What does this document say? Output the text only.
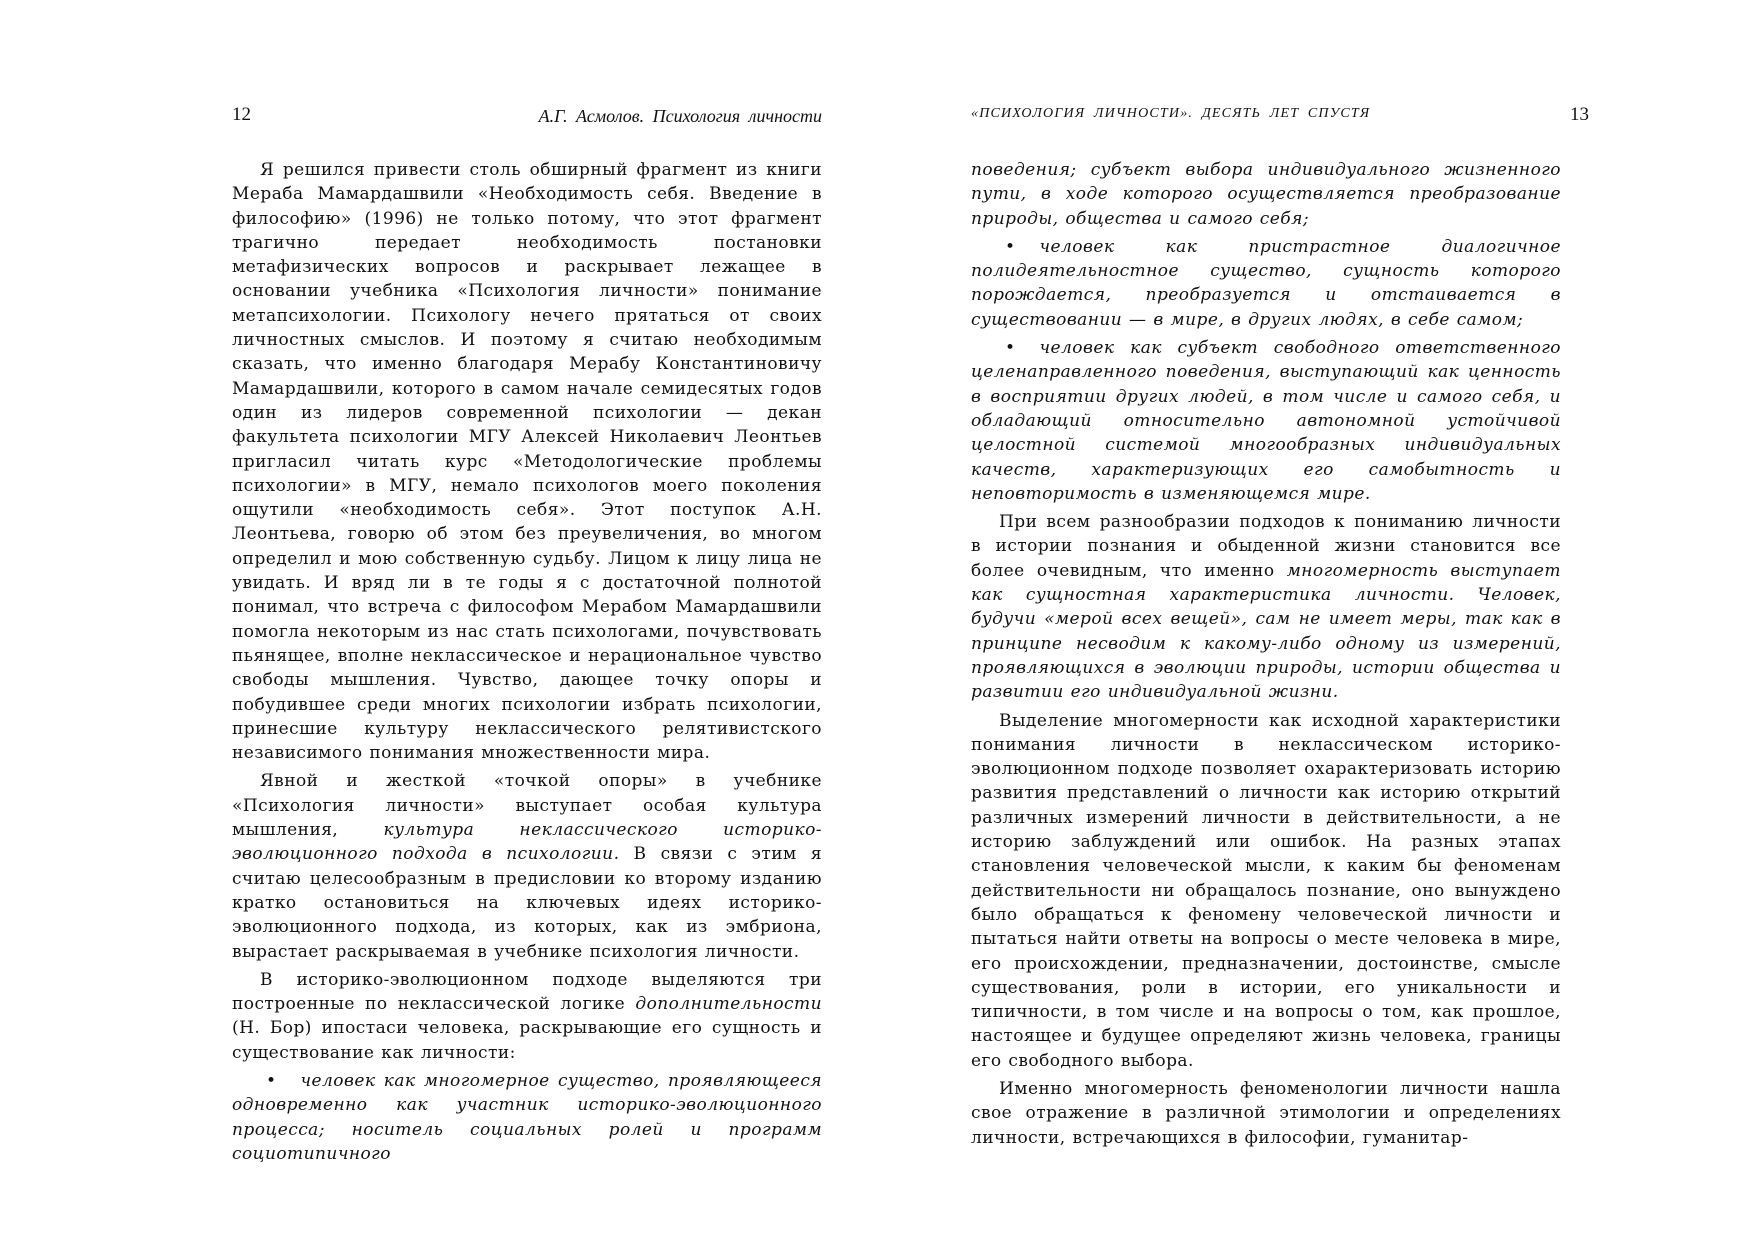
12	А.Г. Асмолов. Психология личности

Я решился привести столь обширный фрагмент из книги Мераба Мамардашвили «Необходимость себя. Введение в философию» (1996) не только потому, что этот фрагмент трагично передает необходимость постановки метафизических вопросов и раскрывает лежащее в основании учебника «Психология личности» понимание метапсихологии. Психологу нечего прятаться от своих личностных смыслов. И поэтому я считаю необходимым сказать, что именно благодаря Мерабу Константиновичу Мамардашвили, которого в самом начале семидесятых годов один из лидеров современной психологии — декан факультета психологии МГУ Алексей Николаевич Леонтьев пригласил читать курс «Методологические проблемы психологии» в МГУ, немало психологов моего поколения ощутили «необходимость себя». Этот поступок А.Н. Леонтьева, говорю об этом без преувеличения, во многом определил и мою собственную судьбу. Лицом к лицу лица не увидать. И вряд ли в те годы я с достаточной полнотой понимал, что встреча с философом Мерабом Мамардашвили помогла некоторым из нас стать психологами, почувствовать пьянящее, вполне неклассическое и нерациональное чувство свободы мышления. Чувство, дающее точку опоры и побудившее среди многих психологии избрать психологии, принесшие культуру неклассического релятивистского независимого понимания множественности мира.

Явной и жесткой «точкой опоры» в учебнике «Психология личности» выступает особая культура мышления, культура неклассического историко-эволюционного подхода в психологии. В связи с этим я считаю целесообразным в предисловии ко второму изданию кратко остановиться на ключевых идеях историко-эволюционного подхода, из которых, как из эмбриона, вырастает раскрываемая в учебнике психология личности.

В историко-эволюционном подходе выделяются три построенные по неклассической логике дополнительности (Н. Бор) ипостаси человека, раскрывающие его сущность и существование как личности:

• человек как многомерное существо, проявляющееся одновременно как участник историко-эволюционного процесса; носитель социальных ролей и программ социотипичного

«ПСИХОЛОГИЯ ЛИЧНОСТИ». ДЕСЯТЬ ЛЕТ СПУСТЯ	13

поведения; субъект выбора индивидуального жизненного пути, в ходе которого осуществляется преобразование природы, общества и самого себя;

• человек как пристрастное диалогичное полидеятельностное существо, сущность которого порождается, преобразуется и отстаивается в существовании — в мире, в других людях, в себе самом;

• человек как субъект свободного ответственного целенаправленного поведения, выступающий как ценность в восприятии других людей, в том числе и самого себя, и обладающий относительно автономной устойчивой целостной системой многообразных индивидуальных качеств, характеризующих его самобытность и неповторимость в изменяющемся мире.

При всем разнообразии подходов к пониманию личности в истории познания и обыденной жизни становится все более очевидным, что именно многомерность выступает как сущностная характеристика личности. Человек, будучи «мерой всех вещей», сам не имеет меры, так как в принципе несводим к какому-либо одному из измерений, проявляющихся в эволюции природы, истории общества и развитии его индивидуальной жизни.

Выделение многомерности как исходной характеристики понимания личности в неклассическом историко-эволюционном подходе позволяет охарактеризовать историю развития представлений о личности как историю открытий различных измерений личности в действительности, а не историю заблуждений или ошибок. На разных этапах становления человеческой мысли, к каким бы феноменам действительности ни обращалось познание, оно вынуждено было обращаться к феномену человеческой личности и пытаться найти ответы на вопросы о месте человека в мире, его происхождении, предназначении, достоинстве, смысле существования, роли в истории, его уникальности и типичности, в том числе и на вопросы о том, как прошлое, настоящее и будущее определяют жизнь человека, границы его свободного выбора.

Именно многомерность феноменологии личности нашла свое отражение в различной этимологии и определениях личности, встречающихся в философии, гуманитар-
